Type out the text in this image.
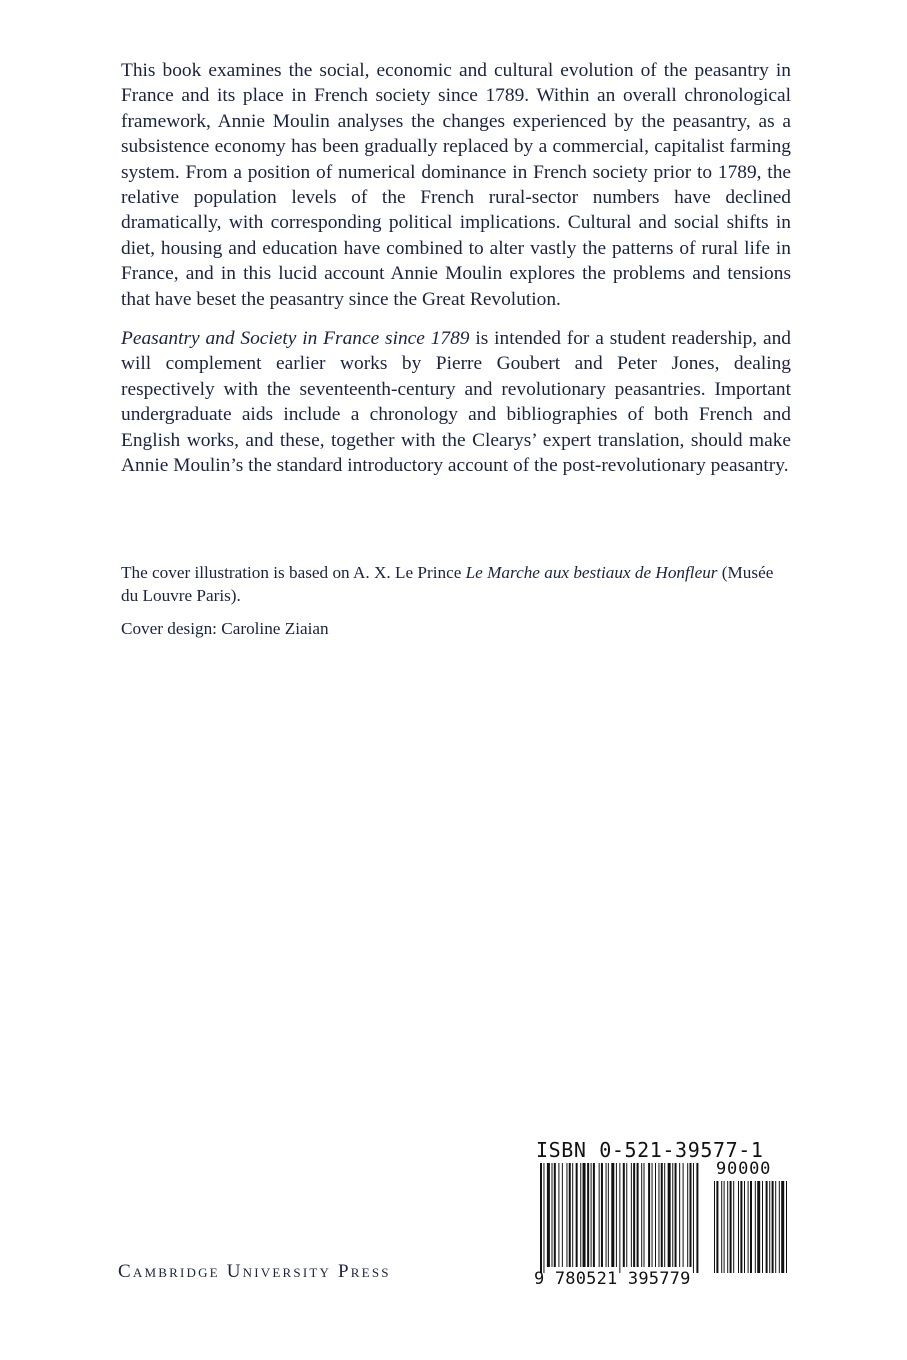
This book examines the social, economic and cultural evolution of the peasantry in France and its place in French society since 1789. Within an overall chronological framework, Annie Moulin analyses the changes experienced by the peasantry, as a subsistence economy has been gradually replaced by a commercial, capitalist farming system. From a position of numerical dominance in French society prior to 1789, the relative population levels of the French rural-sector numbers have declined dramatically, with corresponding political implications. Cultural and social shifts in diet, housing and education have combined to alter vastly the patterns of rural life in France, and in this lucid account Annie Moulin explores the problems and tensions that have beset the peasantry since the Great Revolution.

Peasantry and Society in France since 1789 is intended for a student readership, and will complement earlier works by Pierre Goubert and Peter Jones, dealing respectively with the seventeenth-century and revolutionary peasantries. Important undergraduate aids include a chronology and bibliographies of both French and English works, and these, together with the Clearys’ expert translation, should make Annie Moulin’s the standard introductory account of the post-revolutionary peasantry.

The cover illustration is based on A. X. Le Prince Le Marche aux bestiaux de Honfleur (Musée du Louvre Paris).

Cover design: Caroline Ziaian

Cambridge University Press
ISBN 0-521-39577-1
90000
9 780521 395779
